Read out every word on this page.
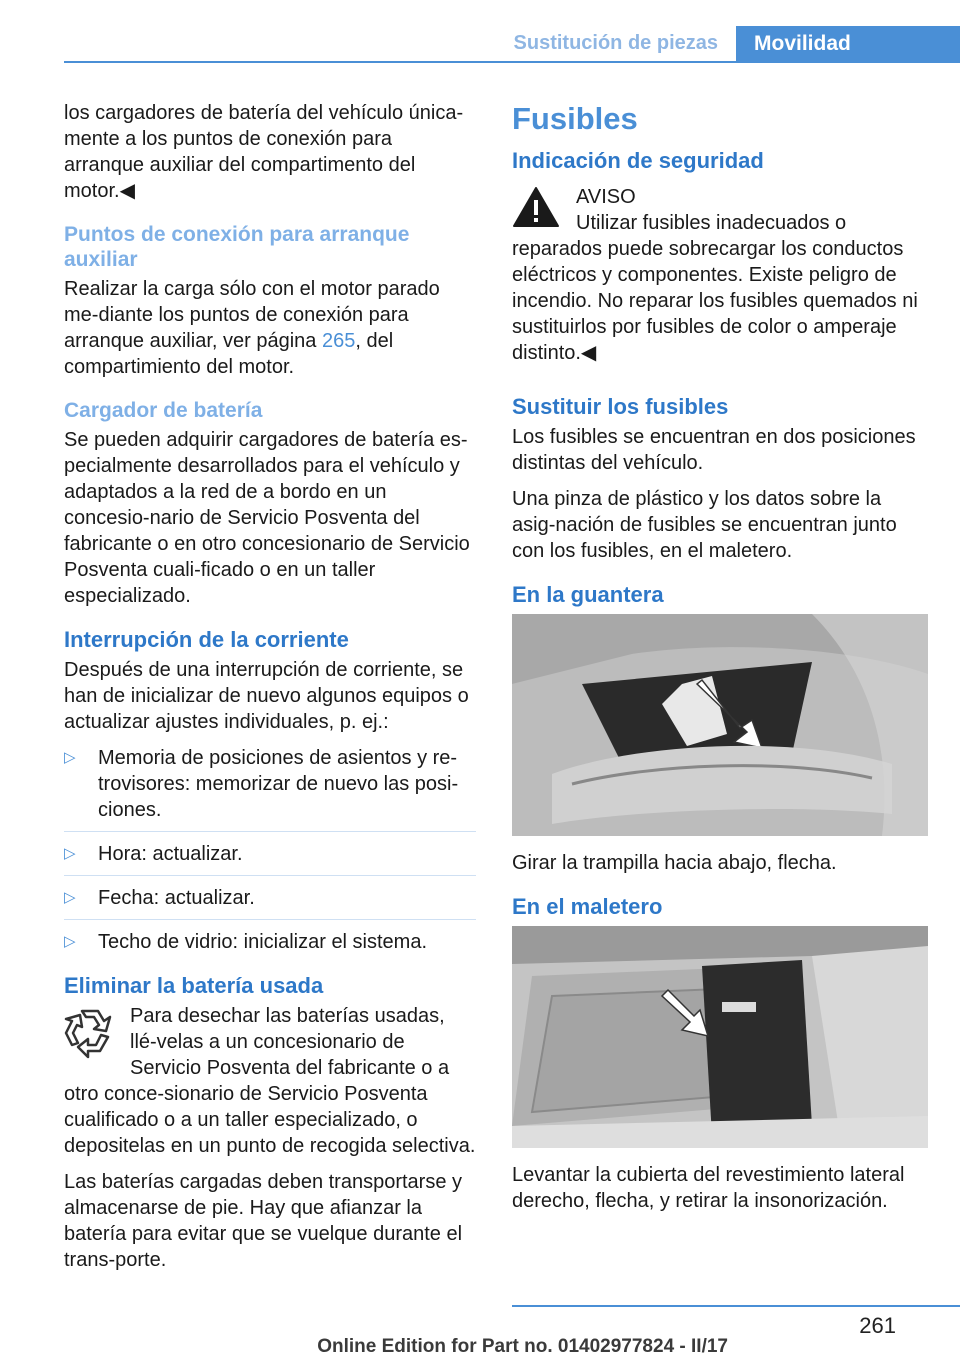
Sustitución de piezas	Movilidad

los cargadores de batería del vehículo única-mente a los puntos de conexión para arranque auxiliar del compartimento del motor.◀

Puntos de conexión para arranque auxiliar

Realizar la carga sólo con el motor parado me-diante los puntos de conexión para arranque auxiliar, ver página 265, del compartimiento del motor.

Cargador de batería

Se pueden adquirir cargadores de batería es-pecialmente desarrollados para el vehículo y adaptados a la red de a bordo en un concesio-nario de Servicio Posventa del fabricante o en otro concesionario de Servicio Posventa cuali-ficado o en un taller especializado.

Interrupción de la corriente

Después de una interrupción de corriente, se han de inicializar de nuevo algunos equipos o actualizar ajustes individuales, p. ej.:

▷ Memoria de posiciones de asientos y re-trovisores: memorizar de nuevo las posi-ciones.
▷ Hora: actualizar.
▷ Fecha: actualizar.
▷ Techo de vidrio: inicializar el sistema.
Eliminar la batería usada

Para desechar las baterías usadas, llé-velas a un concesionario de Servicio Posventa del fabricante o a otro conce-sionario de Servicio Posventa cualificado o a un taller especializado, o depositelas en un punto de recogida selectiva.

Las baterías cargadas deben transportarse y almacenarse de pie. Hay que afianzar la batería para evitar que se vuelque durante el trans-porte.

Fusibles
Indicación de seguridad

AVISO

Utilizar fusibles inadecuados o reparados puede sobrecargar los conductos eléctricos y componentes. Existe peligro de incendio. No reparar los fusibles quemados ni sustituirlos por fusibles de color o amperaje distinto.◀

Sustituir los fusibles

Los fusibles se encuentran en dos posiciones distintas del vehículo.

Una pinza de plástico y los datos sobre la asig-nación de fusibles se encuentran junto con los fusibles, en el maletero.

En la guantera

Girar la trampilla hacia abajo, flecha.

En el maletero

Levantar la cubierta del revestimiento lateral derecho, flecha, y retirar la insonorización.

261
Online Edition for Part no. 01402977824 - II/17
